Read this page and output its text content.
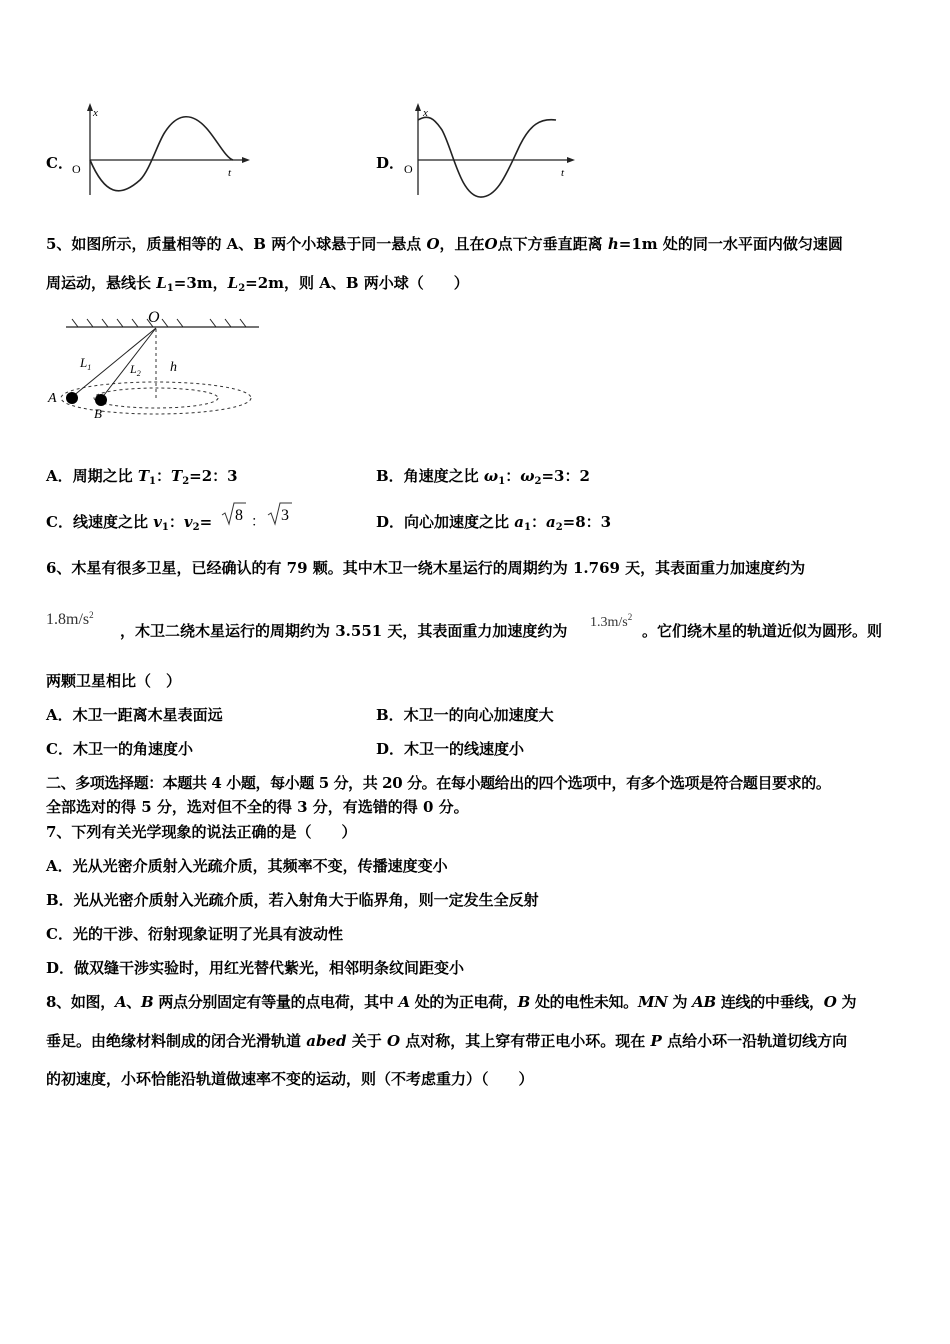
C．
x
O	t
D．
x
O	t
5、如图所示，质量相等的 A、B 两个小球悬于同一悬点 O，且在O点下方垂直距离 h=1m 处的同一水平面内做匀速圆
周运动，悬线长 $L_1=3m$，$L_2=2m$，则 A、B 两小球（　　）
O
$L_1$	$L_2$ h
A
B
A．周期之比 $T_1$：$T_2=2$：3	B．角速度之比 $\omega_1$：$\omega_2=3$：2
C．线速度之比 $v_1$：$v_2= 8$ ： 3	D．向心加速度之比 $a_1$：$a_2=8$：3
6、木星有很多卫星，已经确认的有 79 颗。其中木卫一绕木星运行的周期约为 1.769 天，其表面重力加速度约为
$1.8m/s^2$
，木卫二绕木星运行的周期约为 3.551 天，其表面重力加速度约为 $1.3m/s^2$
。它们绕木星的轨道近似为圆形。则
两颗卫星相比（　）
A．木卫一距离木星表面远	B．木卫一的向心加速度大
C．木卫一的角速度小	D．木卫一的线速度小
二、多项选择题：本题共 4 小题，每小题 5 分，共 20 分。在每小题给出的四个选项中，有多个选项是符合题目要求的。
全部选对的得 5 分，选对但不全的得 3 分，有选错的得 0 分。
7、下列有关光学现象的说法正确的是（　　）
A．光从光密介质射入光疏介质，其频率不变，传播速度变小
B．光从光密介质射入光疏介质，若入射角大于临界角，则一定发生全反射
C．光的干涉、衍射现象证明了光具有波动性
D．做双缝干涉实验时，用红光替代紫光，相邻明条纹间距变小
8、如图，A、B 两点分别固定有等量的点电荷，其中 A 处的为正电荷，B 处的电性未知。MN 为 AB 连线的中垂线，O 为
垂足。由绝缘材料制成的闭合光滑轨道 abed 关于 O 点对称，其上穿有带正电小环。现在 P 点给小环一沿轨道切线方向
的初速度，小环恰能沿轨道做速率不变的运动，则（不考虑重力）（　　）
